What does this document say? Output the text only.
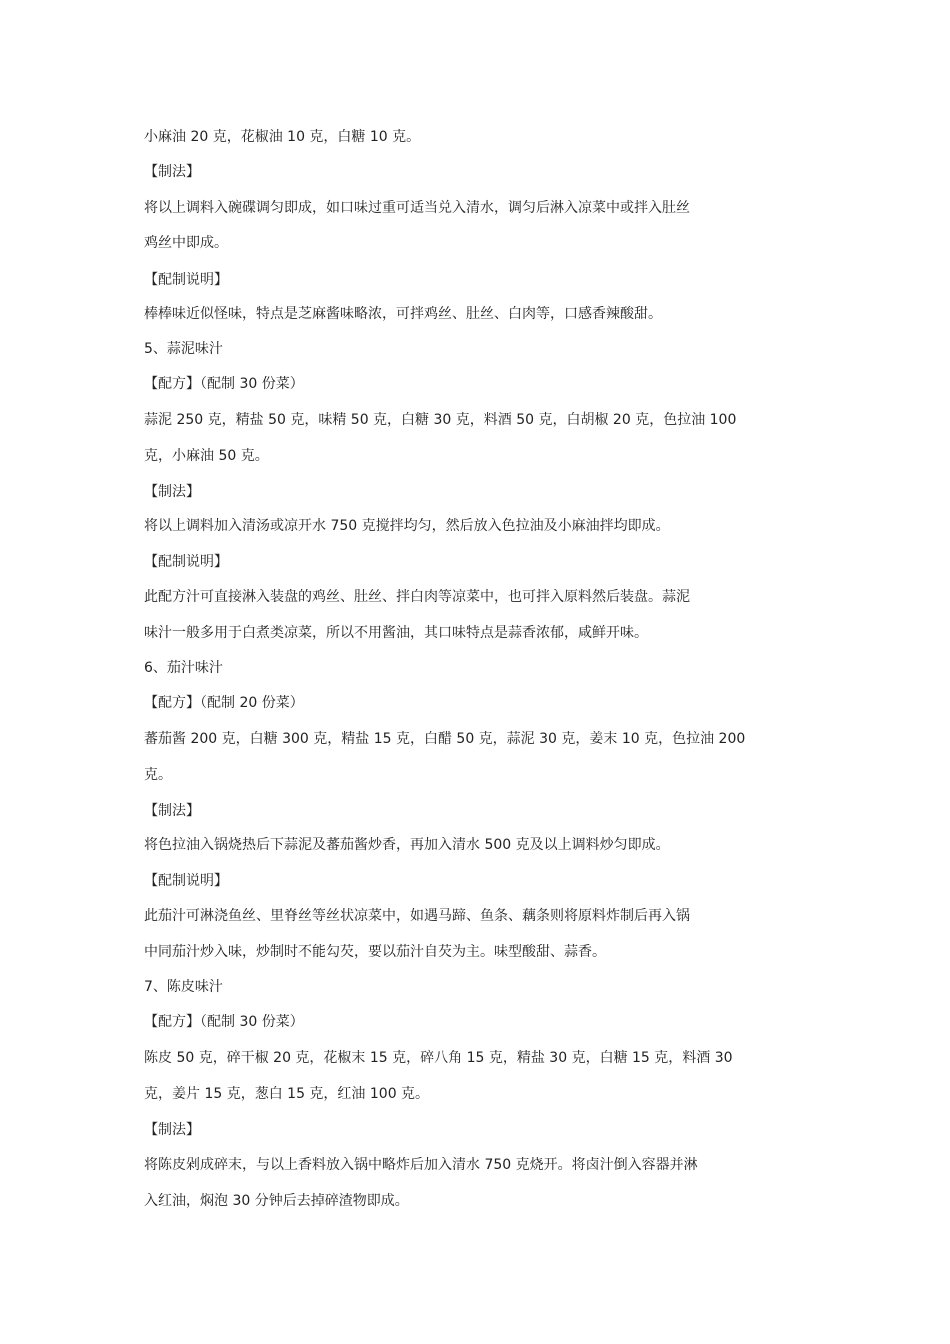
小麻油 20 克，花椒油 10 克，白糖 10 克。

【制法】

将以上调料入碗碟调匀即成，如口味过重可适当兑入清水，调匀后淋入凉菜中或拌入肚丝

鸡丝中即成。

【配制说明】

棒棒味近似怪味，特点是芝麻酱味略浓，可拌鸡丝、肚丝、白肉等，口感香辣酸甜。

5、蒜泥味汁

【配方】（配制 30 份菜）

蒜泥 250 克，精盐 50 克，味精 50 克，白糖 30 克，料酒 50 克，白胡椒 20 克，色拉油 100

克，小麻油 50 克。

【制法】

将以上调料加入清汤或凉开水 750 克搅拌均匀，然后放入色拉油及小麻油拌均即成。

【配制说明】

此配方汁可直接淋入装盘的鸡丝、肚丝、拌白肉等凉菜中，也可拌入原料然后装盘。蒜泥

味汁一般多用于白煮类凉菜，所以不用酱油，其口味特点是蒜香浓郁，咸鲜开味。

6、茄汁味汁

【配方】（配制 20 份菜）

蕃茄酱 200 克，白糖 300 克，精盐 15 克，白醋 50 克，蒜泥 30 克，姜末 10 克，色拉油 200

克。

【制法】

将色拉油入锅烧热后下蒜泥及蕃茄酱炒香，再加入清水 500 克及以上调料炒匀即成。

【配制说明】

此茄汁可淋浇鱼丝、里脊丝等丝状凉菜中，如遇马蹄、鱼条、藕条则将原料炸制后再入锅

中同茄汁炒入味，炒制时不能勾芡，要以茄汁自芡为主。味型酸甜、蒜香。

7、陈皮味汁

【配方】（配制 30 份菜）

陈皮 50 克，碎干椒 20 克，花椒末 15 克，碎八角 15 克，精盐 30 克，白糖 15 克，料酒 30

克，姜片 15 克，葱白 15 克，红油 100 克。

【制法】

将陈皮剁成碎末，与以上香料放入锅中略炸后加入清水 750 克烧开。将卤汁倒入容器并淋

入红油，焖泡 30 分钟后去掉碎渣物即成。
